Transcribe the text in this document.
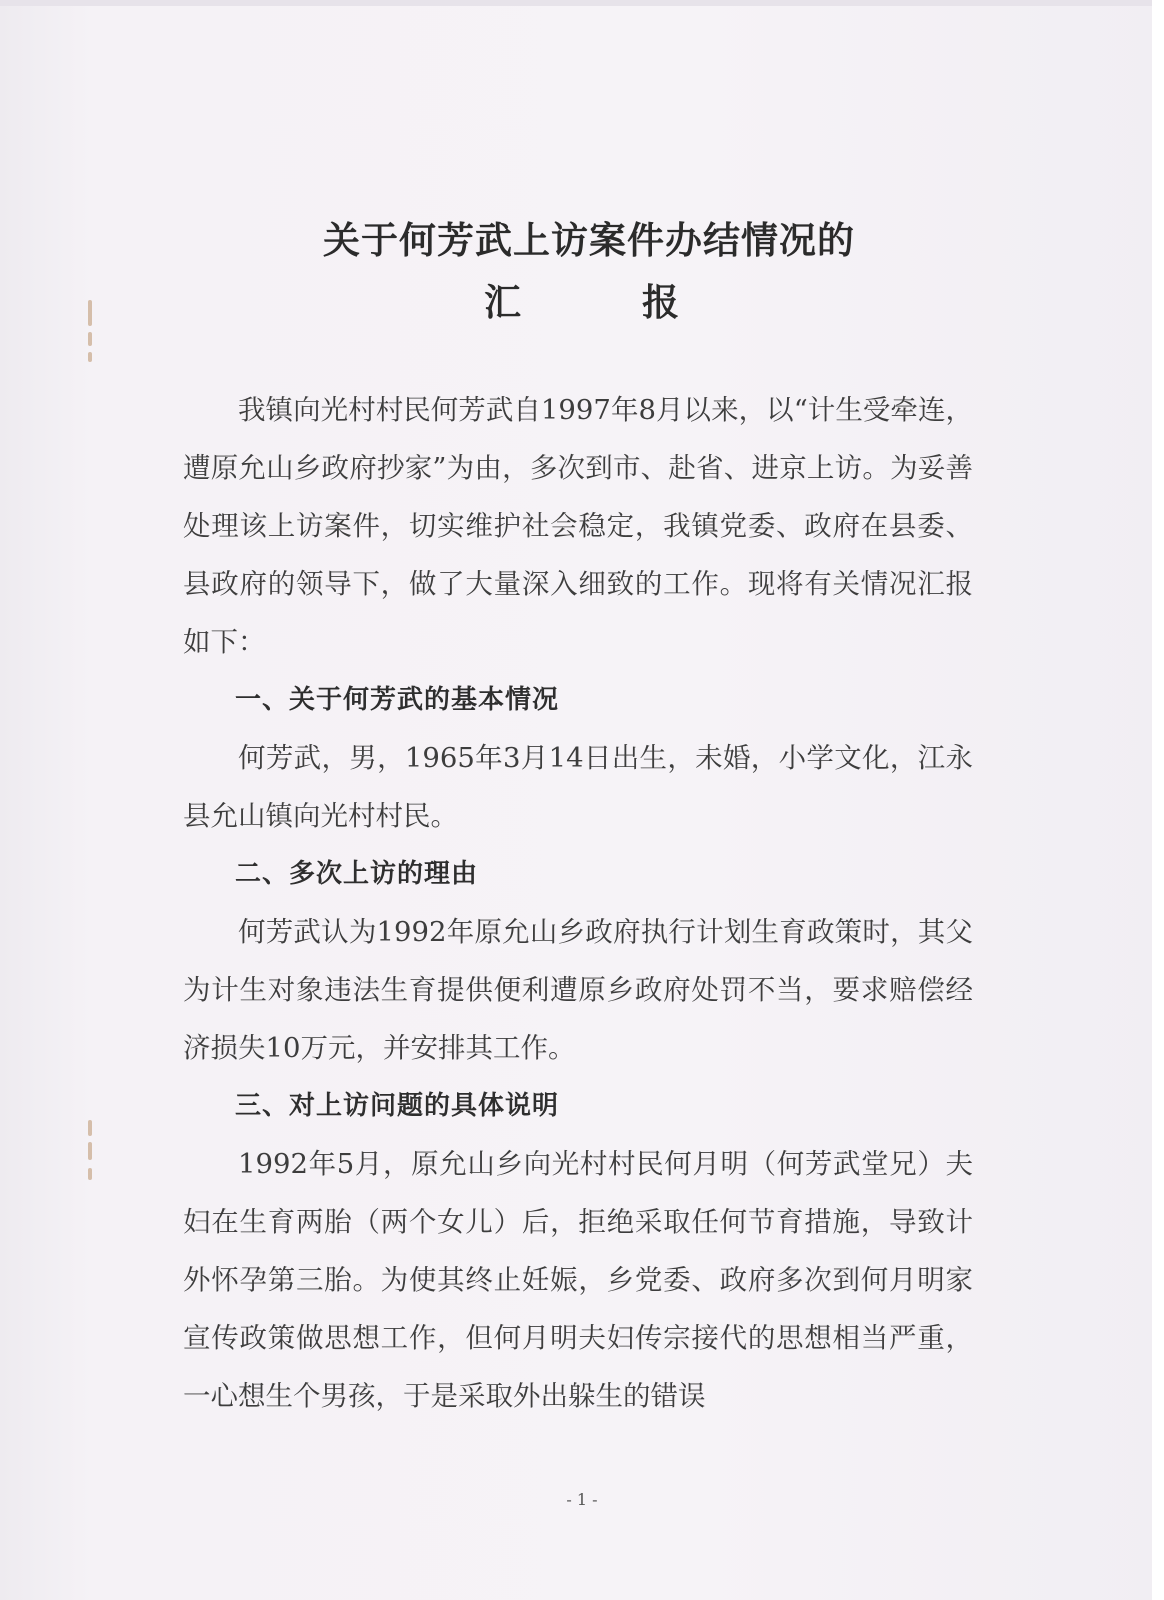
关于何芳武上访案件办结情况的
汇	报

我镇向光村村民何芳武自1997年8月以来，以“计生受牵连，遭原允山乡政府抄家”为由，多次到市、赴省、进京上访。为妥善处理该上访案件，切实维护社会稳定，我镇党委、政府在县委、县政府的领导下，做了大量深入细致的工作。现将有关情况汇报如下：

一、关于何芳武的基本情况

何芳武，男，1965年3月14日出生，未婚，小学文化，江永县允山镇向光村村民。

二、多次上访的理由

何芳武认为1992年原允山乡政府执行计划生育政策时，其父为计生对象违法生育提供便利遭原乡政府处罚不当，要求赔偿经济损失10万元，并安排其工作。

三、对上访问题的具体说明

1992年5月，原允山乡向光村村民何月明（何芳武堂兄）夫妇在生育两胎（两个女儿）后，拒绝采取任何节育措施，导致计外怀孕第三胎。为使其终止妊娠，乡党委、政府多次到何月明家宣传政策做思想工作，但何月明夫妇传宗接代的思想相当严重，一心想生个男孩，于是采取外出躲生的错误

- 1 -
